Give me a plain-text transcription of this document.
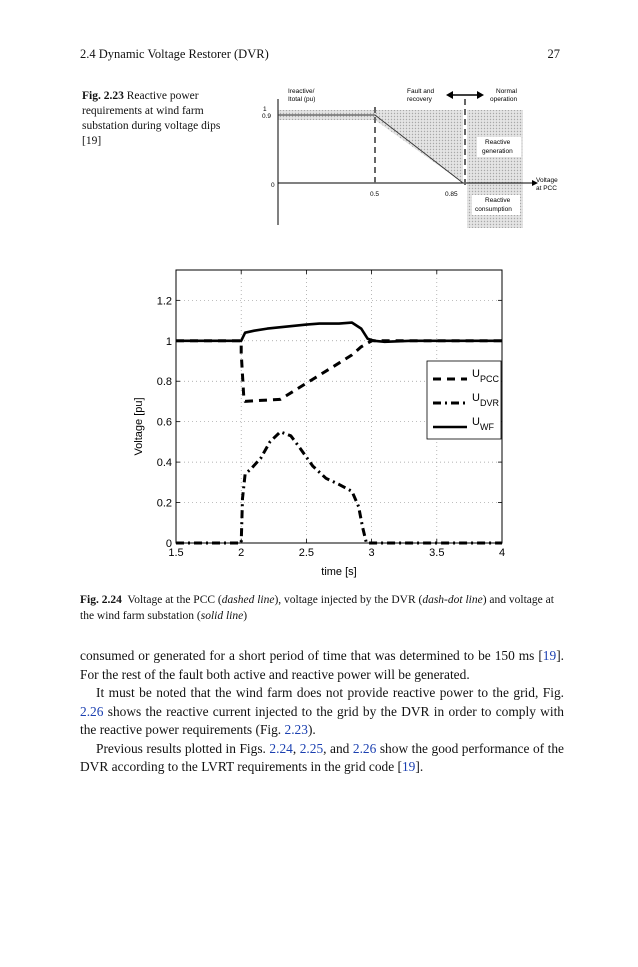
2.4 Dynamic Voltage Restorer (DVR)	27
Fig. 2.23 Reactive power requirements at wind farm substation during voltage dips [19]
Ireactive/
Itotal (pu)
1
0.9
0
0.5	0.85
Voltage
at PCC
Fault and
recovery
Normal
operation
Reactive
generation
Reactive
consumption
1.5	2	2.5	3	3.5	4
0
0.2
0.4
0.6
0.8
1
1.2
time [s]
Voltage [pu]
$U_{PCC}$
$U_{DVR}$
$U_{WF}$
Fig. 2.24 Voltage at the PCC (dashed line), voltage injected by the DVR (dash-dot line) and voltage at the wind farm substation (solid line)

consumed or generated for a short period of time that was determined to be 150 ms [19]. For the rest of the fault both active and reactive power will be generated.

It must be noted that the wind farm does not provide reactive power to the grid, Fig. 2.26 shows the reactive current injected to the grid by the DVR in order to comply with the reactive power requirements (Fig. 2.23).

Previous results plotted in Figs. 2.24, 2.25, and 2.26 show the good performance of the DVR according to the LVRT requirements in the grid code [19].
